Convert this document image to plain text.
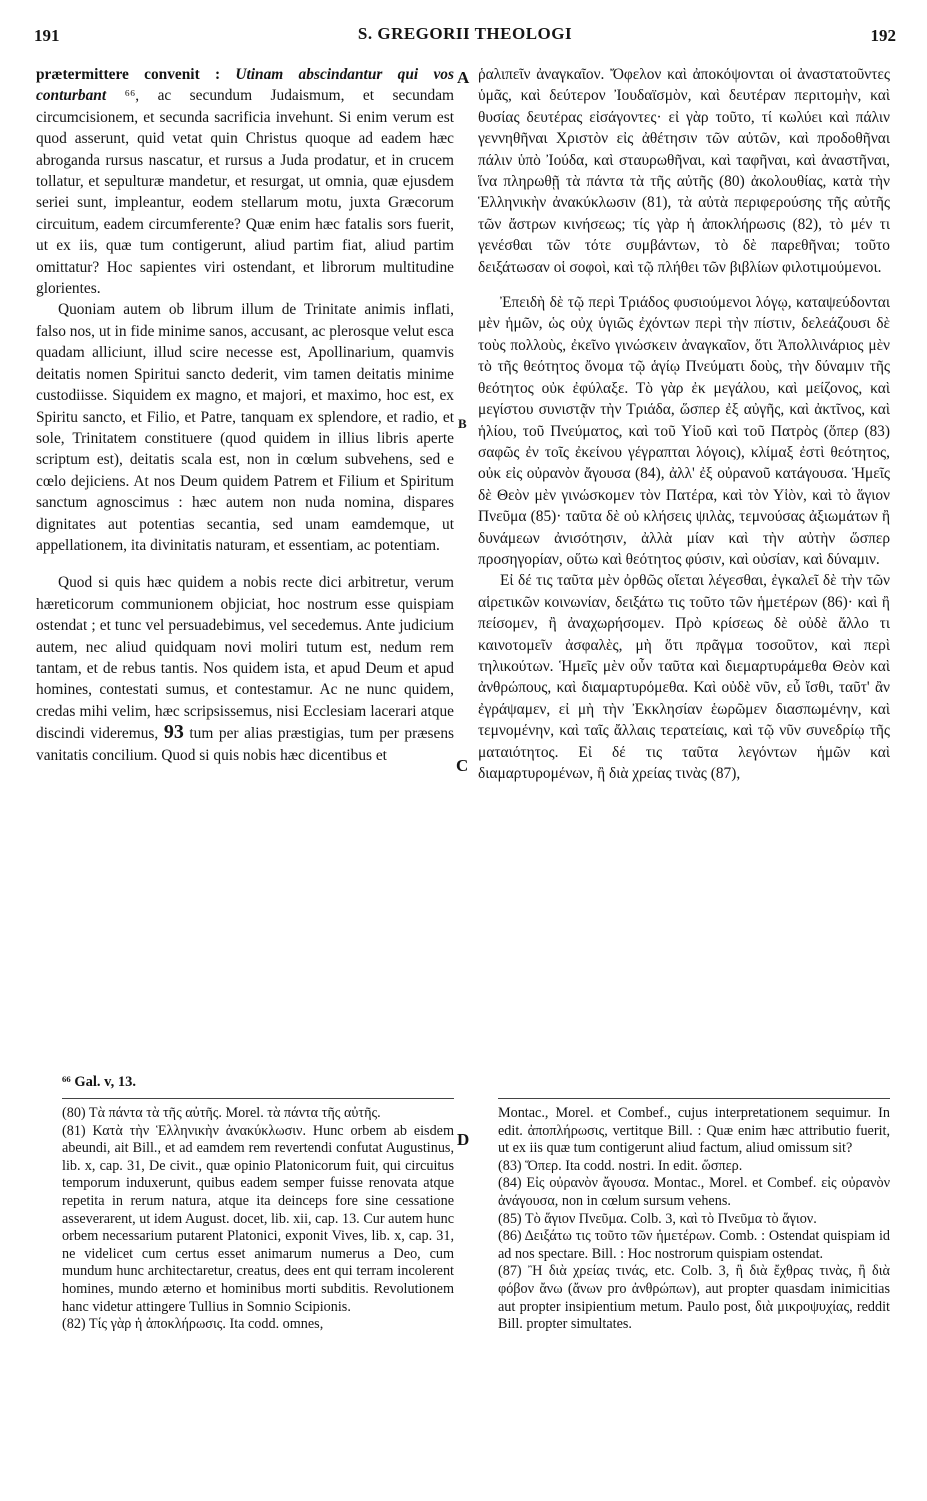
191	S. GREGORII THEOLOGI	192
A
B
C
D

prætermittere convenit : Utinam abscindantur qui vos conturbant ⁶⁶, ac secundum Judaismum, et secundam circumcisionem, et secunda sacrificia invehunt. Si enim verum est quod asserunt, quid vetat quin Christus quoque ad eadem hæc abroganda rursus nascatur, et rursus a Juda prodatur, et in crucem tollatur, et sepulturæ mandetur, et resurgat, ut omnia, quæ ejusdem seriei sunt, impleantur, eodem stellarum motu, juxta Græcorum circuitum, eadem circumferente? Quæ enim hæc fatalis sors fuerit, ut ex iis, quæ tum contigerunt, aliud partim fiat, aliud partim omittatur? Hoc sapientes viri ostendant, et librorum multitudine glorientes.

Quoniam autem ob librum illum de Trinitate animis inflati, falso nos, ut in fide minime sanos, accusant, ac plerosque velut esca quadam alliciunt, illud scire necesse est, Apollinarium, quamvis deitatis nomen Spiritui sancto dederit, vim tamen deitatis minime custodiisse. Siquidem ex magno, et majori, et maximo, hoc est, ex Spiritu sancto, et Filio, et Patre, tanquam ex splendore, et radio, et sole, Trinitatem constituere (quod quidem in illius libris aperte scriptum est), deitatis scala est, non in cœlum subvehens, sed e cœlo dejiciens. At nos Deum quidem Patrem et Filium et Spiritum sanctum agnoscimus : hæc autem non nuda nomina, dispares dignitates aut potentias secantia, sed unam eamdemque, ut appellationem, ita divinitatis naturam, et essentiam, ac potentiam.

Quod si quis hæc quidem a nobis recte dici arbitretur, verum hæreticorum communionem objiciat, hoc nostrum esse quispiam ostendat ; et tunc vel persuadebimus, vel secedemus. Ante judicium autem, nec aliud quidquam novi moliri tutum est, nedum rem tantam, et de rebus tantis. Nos quidem ista, et apud Deum et apud homines, contestati sumus, et contestamur. Ac ne nunc quidem, credas mihi velim, hæc scripsissemus, nisi Ecclesiam lacerari atque discindi videremus, 93 tum per alias præstigias, tum per præsens vanitatis concilium. Quod si quis nobis hæc dicentibus et

⁶⁶ Gal. v, 13.

ῥαλιπεῖν ἀναγκαῖον. Ὄφελον καὶ ἀποκόψονται οἱ ἀναστατοῦντες ὑμᾶς, καὶ δεύτερον Ἰουδαϊσμὸν, καὶ δευτέραν περιτομὴν, καὶ θυσίας δευτέρας εἰσάγοντες· εἰ γὰρ τοῦτο, τί κωλύει καὶ πάλιν γεννηθῆναι Χριστὸν εἰς ἀθέτησιν τῶν αὐτῶν, καὶ προδοθῆναι πάλιν ὑπὸ Ἰούδα, καὶ σταυρωθῆναι, καὶ ταφῆναι, καὶ ἀναστῆναι, ἵνα πληρωθῇ τὰ πάντα τὰ τῆς αὐτῆς (80) ἀκολουθίας, κατὰ τὴν Ἑλληνικὴν ἀνακύκλωσιν (81), τὰ αὐτὰ περιφερούσης τῆς αὐτῆς τῶν ἄστρων κινήσεως; τίς γὰρ ἡ ἀποκλήρωσις (82), τὸ μέν τι γενέσθαι τῶν τότε συμβάντων, τὸ δὲ παρεθῆναι; τοῦτο δειξάτωσαν οἱ σοφοὶ, καὶ τῷ πλήθει τῶν βιβλίων φιλοτιμούμενοι.

Ἐπειδὴ δὲ τῷ περὶ Τριάδος φυσιούμενοι λόγῳ, καταψεύδονται μὲν ἡμῶν, ὡς οὐχ ὑγιῶς ἐχόντων περὶ τὴν πίστιν, δελεάζουσι δὲ τοὺς πολλοὺς, ἐκεῖνο γινώσκειν ἀναγκαῖον, ὅτι Ἀπολλινάριος μὲν τὸ τῆς θεότητος ὄνομα τῷ ἁγίῳ Πνεύματι δοὺς, τὴν δύναμιν τῆς θεότητος οὐκ ἐφύλαξε. Τὸ γὰρ ἐκ μεγάλου, καὶ μείζονος, καὶ μεγίστου συνιστᾷν τὴν Τριάδα, ὥσπερ ἐξ αὐγῆς, καὶ ἀκτῖνος, καὶ ἡλίου, τοῦ Πνεύματος, καὶ τοῦ Υἱοῦ καὶ τοῦ Πατρὸς (ὅπερ (83) σαφῶς ἐν τοῖς ἐκείνου γέγραπται λόγοις), κλίμαξ ἐστὶ θεότητος, οὐκ εἰς οὐρανὸν ἄγουσα (84), ἀλλ' ἐξ οὐρανοῦ κατάγουσα. Ἡμεῖς δὲ Θεὸν μὲν γινώσκομεν τὸν Πατέρα, καὶ τὸν Υἱὸν, καὶ τὸ ἅγιον Πνεῦμα (85)· ταῦτα δὲ οὐ κλήσεις ψιλὰς, τεμνούσας ἀξιωμάτων ἢ δυνάμεων ἀνισότησιν, ἀλλὰ μίαν καὶ τὴν αὐτὴν ὥσπερ προσηγορίαν, οὕτω καὶ θεότητος φύσιν, καὶ οὐσίαν, καὶ δύναμιν.

Εἰ δέ τις ταῦτα μὲν ὀρθῶς οἴεται λέγεσθαι, ἐγκαλεῖ δὲ τὴν τῶν αἱρετικῶν κοινωνίαν, δειξάτω τις τοῦτο τῶν ἡμετέρων (86)· καὶ ἢ πείσομεν, ἢ ἀναχωρήσομεν. Πρὸ κρίσεως δὲ οὐδὲ ἄλλο τι καινοτομεῖν ἀσφαλὲς, μὴ ὅτι πρᾶγμα τοσοῦτον, καὶ περὶ τηλικούτων. Ἡμεῖς μὲν οὖν ταῦτα καὶ διεμαρτυράμεθα Θεὸν καὶ ἀνθρώπους, καὶ διαμαρτυρόμεθα. Καὶ οὐδὲ νῦν, εὖ ἴσθι, ταῦτ' ἂν ἐγράψαμεν, εἰ μὴ τὴν Ἐκκλησίαν ἑωρῶμεν διασπωμένην, καὶ τεμνομένην, καὶ ταῖς ἄλλαις τερατείαις, καὶ τῷ νῦν συνεδρίῳ τῆς ματαιότητος. Εἰ δέ τις ταῦτα λεγόντων ἡμῶν καὶ διαμαρτυρομένων, ἢ διὰ χρείας τινὰς (87),

(80) Τὰ πάντα τὰ τῆς αὐτῆς. Morel. τὰ πάντα τῆς αὐτῆς.

(81) Κατὰ τὴν Ἑλληνικὴν ἀνακύκλωσιν. Hunc orbem ab eisdem abeundi, ait Bill., et ad eamdem rem revertendi confutat Augustinus, lib. x, cap. 31, De civit., quæ opinio Platonicorum fuit, qui circuitus temporum induxerunt, quibus eadem semper fuisse renovata atque repetita in rerum natura, atque ita deinceps fore sine cessatione asseverarent, ut idem August. docet, lib. xii, cap. 13. Cur autem hunc orbem necessarium putarent Platonici, exponit Vives, lib. x, cap. 31, ne videlicet cum certus esset animarum numerus a Deo, cum mundum hunc architectaretur, creatus, dees ent qui terram incolerent homines, mundo æterno et hominibus morti subditis. Revolutionem hanc videtur attingere Tullius in Somnio Scipionis.

(82) Τίς γὰρ ἡ ἀποκλήρωσις. Ita codd. omnes,

Montac., Morel. et Combef., cujus interpretationem sequimur. In edit. ἀποπλήρωσις, vertitque Bill. : Quæ enim hæc attributio fuerit, ut ex iis quæ tum contigerunt aliud factum, aliud omissum sit?

(83) Ὅπερ. Ita codd. nostri. In edit. ὥσπερ.

(84) Εἰς οὐρανὸν ἄγουσα. Montac., Morel. et Combef. εἰς οὐρανὸν ἀνάγουσα, non in cœlum sursum vehens.

(85) Τὸ ἅγιον Πνεῦμα. Colb. 3, καὶ τὸ Πνεῦμα τὸ ἅγιον.

(86) Δειξάτω τις τοῦτο τῶν ἡμετέρων. Comb. : Ostendat quispiam id ad nos spectare. Bill. : Hoc nostrorum quispiam ostendat.

(87) Ἢ διὰ χρείας τινάς, etc. Colb. 3, ἢ διὰ ἔχθρας τινὰς, ἢ διὰ φόβον ἄνω (ἄνων pro ἀνθρώπων), aut propter quasdam inimicitias aut propter insipientium metum. Paulo post, διὰ μικροψυχίας, reddit Bill. propter simultates.
